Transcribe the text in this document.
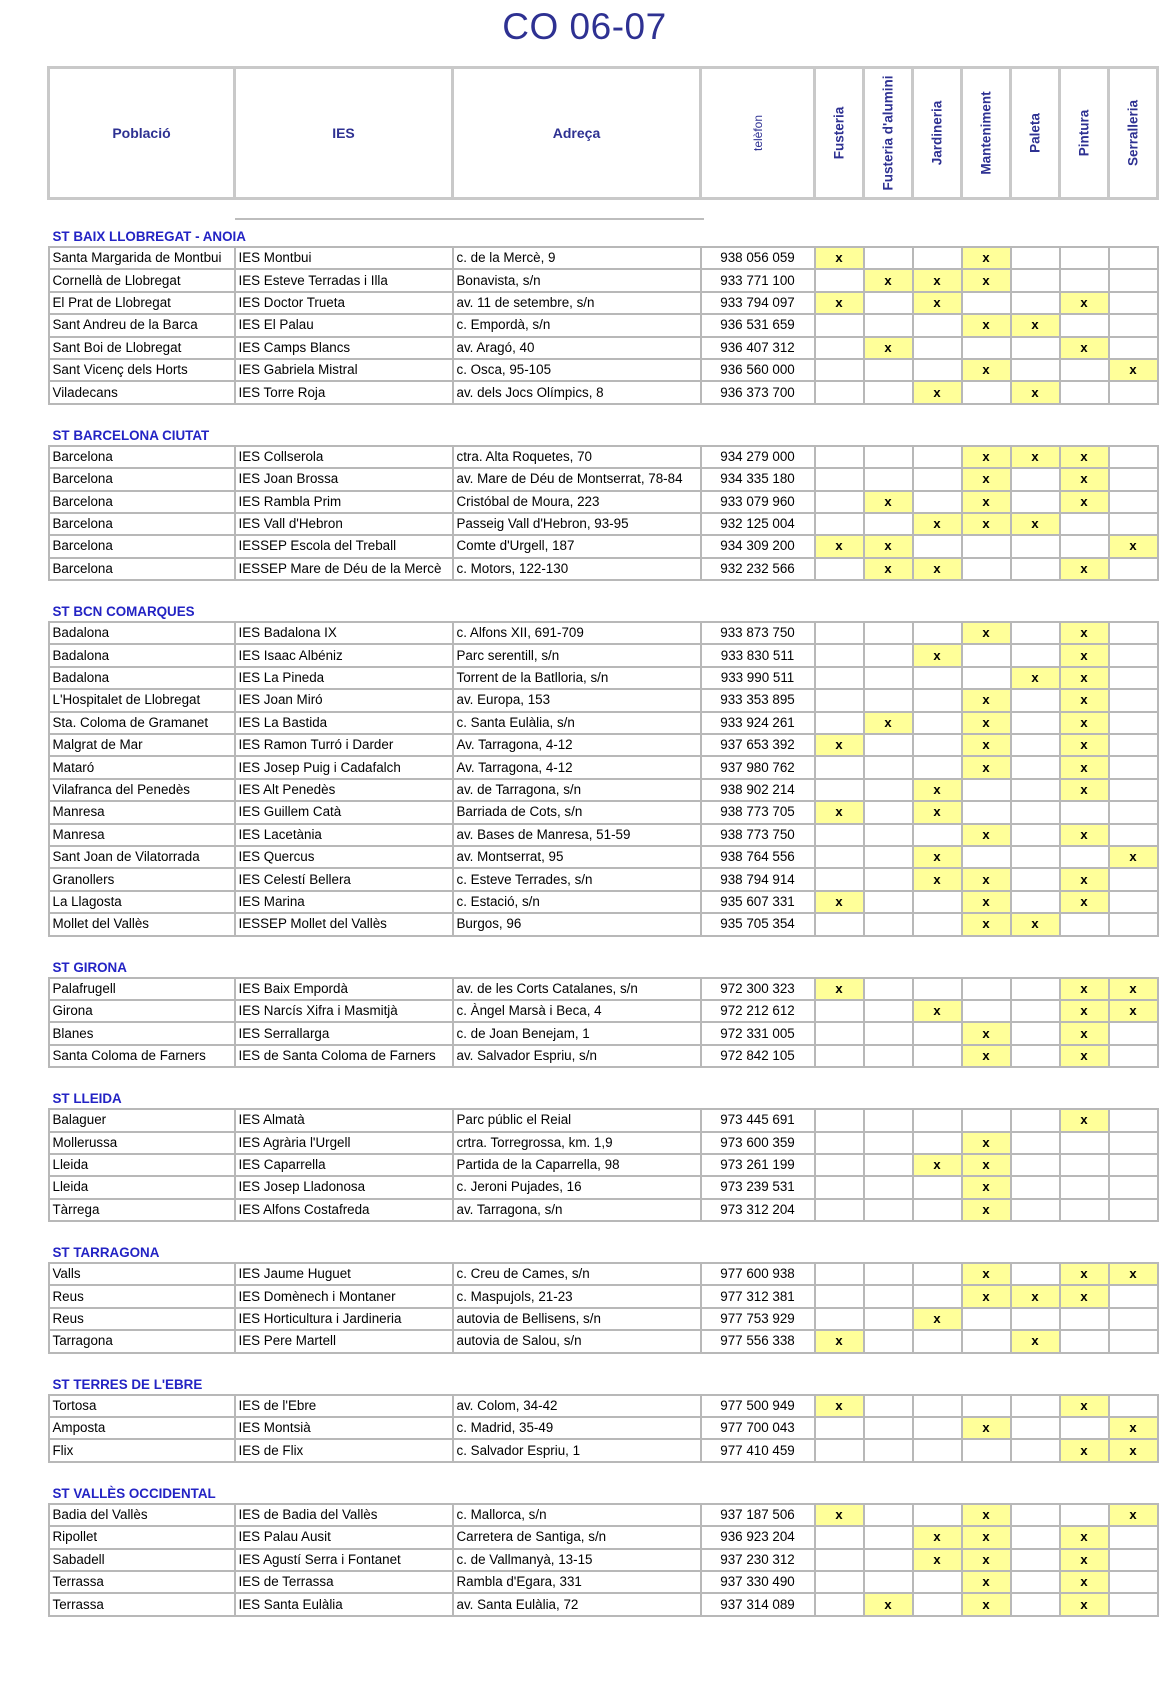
CO 06-07
Població	IES	Adreça	telèfon	Fusteria	Fusteria d'alumini	Jardineria	Manteniment	Paleta	Pintura	Serralleria

ST BAIX LLOBREGAT - ANOIA										
Santa Margarida de Montbui	IES Montbui	c. de la Mercè, 9	938 056 059	x			x			
Cornellà de Llobregat	IES Esteve Terradas i Illa	Bonavista, s/n	933 771 100		x	x	x			
El Prat de Llobregat	IES Doctor Trueta	av. 11 de setembre, s/n	933 794 097	x		x			x	
Sant Andreu de la Barca	IES El Palau	c. Empordà, s/n	936 531 659				x	x		
Sant Boi de Llobregat	IES Camps Blancs	av. Aragó, 40	936 407 312		x				x	
Sant Vicenç dels Horts	IES Gabriela Mistral	c. Osca, 95-105	936 560 000				x			x
Viladecans	IES Torre Roja	av. dels Jocs Olímpics, 8	936 373 700			x		x		
ST BARCELONA CIUTAT										
Barcelona	IES Collserola	ctra. Alta Roquetes, 70	934 279 000				x	x	x	
Barcelona	IES Joan Brossa	av. Mare de Déu de Montserrat, 78-84	934 335 180				x		x	
Barcelona	IES Rambla Prim	Cristóbal de Moura, 223	933 079 960		x		x		x	
Barcelona	IES Vall d'Hebron	Passeig Vall d'Hebron, 93-95	932 125 004			x	x	x		
Barcelona	IESSEP Escola del Treball	Comte d'Urgell, 187	934 309 200	x	x					x
Barcelona	IESSEP Mare de Déu de la Mercè	c. Motors, 122-130	932 232 566		x	x			x	
ST BCN COMARQUES										
Badalona	IES Badalona IX	c. Alfons XII, 691-709	933 873 750				x		x	
Badalona	IES Isaac Albéniz	Parc serentill, s/n	933 830 511			x			x	
Badalona	IES La Pineda	Torrent de la Batlloria, s/n	933 990 511					x	x	
L'Hospitalet de Llobregat	IES Joan Miró	av. Europa, 153	933 353 895				x		x	
Sta. Coloma de Gramanet	IES La Bastida	c. Santa Eulàlia, s/n	933 924 261		x		x		x	
Malgrat de Mar	IES Ramon Turró i Darder	Av. Tarragona, 4-12	937 653 392	x			x		x	
Mataró	IES Josep Puig i Cadafalch	Av. Tarragona, 4-12	937 980 762				x		x	
Vilafranca del Penedès	IES Alt Penedès	av. de Tarragona, s/n	938 902 214			x			x	
Manresa	IES Guillem Catà	Barriada de Cots, s/n	938 773 705	x		x				
Manresa	IES Lacetània	av. Bases de Manresa, 51-59	938 773 750				x		x	
Sant Joan de Vilatorrada	IES Quercus	av. Montserrat, 95	938 764 556			x				x
Granollers	IES Celestí Bellera	c. Esteve Terrades, s/n	938 794 914			x	x		x	
La Llagosta	IES Marina	c. Estació, s/n	935 607 331	x			x		x	
Mollet del Vallès	IESSEP Mollet del Vallès	Burgos, 96	935 705 354				x	x		
ST GIRONA										
Palafrugell	IES Baix Empordà	av. de les Corts Catalanes, s/n	972 300 323	x					x	x
Girona	IES Narcís Xifra i Masmitjà	c. Àngel Marsà i Beca, 4	972 212 612			x			x	x
Blanes	IES Serrallarga	c. de Joan Benejam, 1	972 331 005				x		x	
Santa Coloma de Farners	IES de Santa Coloma de Farners	av. Salvador Espriu, s/n	972 842 105				x		x	
ST LLEIDA										
Balaguer	IES Almatà	Parc públic el Reial	973 445 691						x	
Mollerussa	IES Agrària l'Urgell	crtra. Torregrossa, km. 1,9	973 600 359				x			
Lleida	IES Caparrella	Partida de la Caparrella, 98	973 261 199			x	x			
Lleida	IES Josep Lladonosa	c. Jeroni Pujades, 16	973 239 531				x			
Tàrrega	IES Alfons Costafreda	av. Tarragona, s/n	973 312 204				x			
ST TARRAGONA										
Valls	IES Jaume Huguet	c. Creu de Cames, s/n	977 600 938				x		x	x
Reus	IES Domènech i Montaner	c. Maspujols, 21-23	977 312 381				x	x	x	
Reus	IES Horticultura i Jardineria	autovia de Bellisens, s/n	977 753 929			x				
Tarragona	IES Pere Martell	autovia de Salou, s/n	977 556 338	x				x		
ST TERRES DE L'EBRE										
Tortosa	IES de l'Ebre	av. Colom, 34-42	977 500 949	x					x	
Amposta	IES Montsià	c. Madrid, 35-49	977 700 043				x			x
Flix	IES de Flix	c. Salvador Espriu, 1	977 410 459						x	x
ST VALLÈS OCCIDENTAL										
Badia del Vallès	IES de Badia del Vallès	c. Mallorca, s/n	937 187 506	x			x			x
Ripollet	IES Palau Ausit	Carretera de Santiga, s/n	936 923 204			x	x		x	
Sabadell	IES Agustí Serra i Fontanet	c. de Vallmanyà, 13-15	937 230 312			x	x		x	
Terrassa	IES de Terrassa	Rambla d'Egara, 331	937 330 490				x		x	
Terrassa	IES Santa Eulàlia	av. Santa Eulàlia, 72	937 314 089		x		x		x	
